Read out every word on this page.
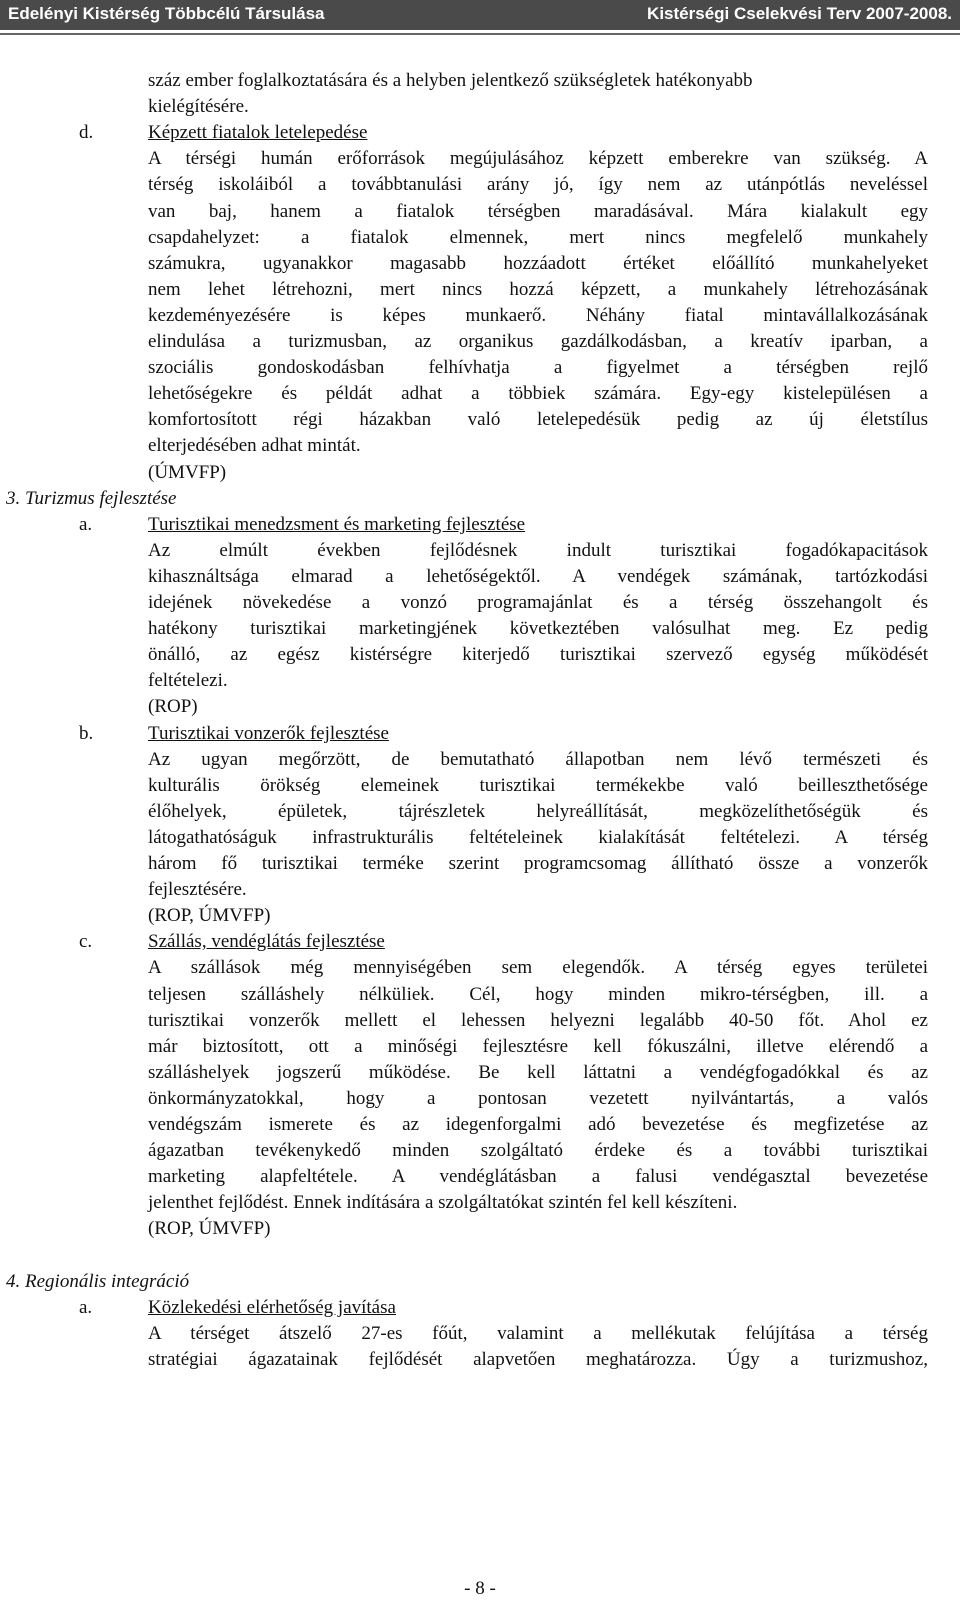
Edelényi Kistérség Többcélú Társulása	Kistérségi Cselekvési Terv 2007-2008.
száz ember foglalkoztatására és a helyben jelentkező szükségletek hatékonyabb
kielégítésére.
d.	Képzett fiatalok letelepedése
A térségi humán erőforrások megújulásához képzett emberekre van szükség. A
térség iskoláiból a továbbtanulási arány jó, így nem az utánpótlás neveléssel
van baj, hanem a fiatalok térségben maradásával. Mára kialakult egy
csapdahelyzet: a fiatalok elmennek, mert nincs megfelelő munkahely
számukra, ugyanakkor magasabb hozzáadott értéket előállító munkahelyeket
nem lehet létrehozni, mert nincs hozzá képzett, a munkahely létrehozásának
kezdeményezésére is képes munkaerő. Néhány fiatal mintavállalkozásának
elindulása a turizmusban, az organikus gazdálkodásban, a kreatív iparban, a
szociális gondoskodásban felhívhatja a figyelmet a térségben rejlő
lehetőségekre és példát adhat a többiek számára. Egy-egy kistelepülésen a
komfortosított régi házakban való letelepedésük pedig az új életstílus
elterjedésében adhat mintát.
(ÚMVFP)
3. Turizmus fejlesztése
a.	Turisztikai menedzsment és marketing fejlesztése
Az elmúlt években fejlődésnek indult turisztikai fogadókapacitások
kihasználtsága elmarad a lehetőségektől. A vendégek számának, tartózkodási
idejének növekedése a vonzó programajánlat és a térség összehangolt és
hatékony turisztikai marketingjének következtében valósulhat meg. Ez pedig
önálló, az egész kistérségre kiterjedő turisztikai szervező egység működését
feltételezi.
(ROP)
b.	Turisztikai vonzerők fejlesztése
Az ugyan megőrzött, de bemutatható állapotban nem lévő természeti és
kulturális örökség elemeinek turisztikai termékekbe való beilleszthetősége
élőhelyek, épületek, tájrészletek helyreállítását, megközelíthetőségük és
látogathatóságuk infrastrukturális feltételeinek kialakítását feltételezi. A térség
három fő turisztikai terméke szerint programcsomag állítható össze a vonzerők
fejlesztésére.
(ROP, ÚMVFP)
c.	Szállás, vendéglátás fejlesztése
A szállások még mennyiségében sem elegendők. A térség egyes területei
teljesen szálláshely nélküliek. Cél, hogy minden mikro-térségben, ill. a
turisztikai vonzerők mellett el lehessen helyezni legalább 40-50 főt. Ahol ez
már biztosított, ott a minőségi fejlesztésre kell fókuszálni, illetve elérendő a
szálláshelyek jogszerű működése. Be kell láttatni a vendégfogadókkal és az
önkormányzatokkal, hogy a pontosan vezetett nyilvántartás, a valós
vendégszám ismerete és az idegenforgalmi adó bevezetése és megfizetése az
ágazatban tevékenykedő minden szolgáltató érdeke és a további turisztikai
marketing alapfeltétele. A vendéglátásban a falusi vendégasztal bevezetése
jelenthet fejlődést. Ennek indítására a szolgáltatókat szintén fel kell készíteni.
(ROP, ÚMVFP)
4. Regionális integráció
a.	Közlekedési elérhetőség javítása
A térséget átszelő 27-es főút, valamint a mellékutak felújítása a térség
stratégiai ágazatainak fejlődését alapvetően meghatározza. Úgy a turizmushoz,
- 8 -
